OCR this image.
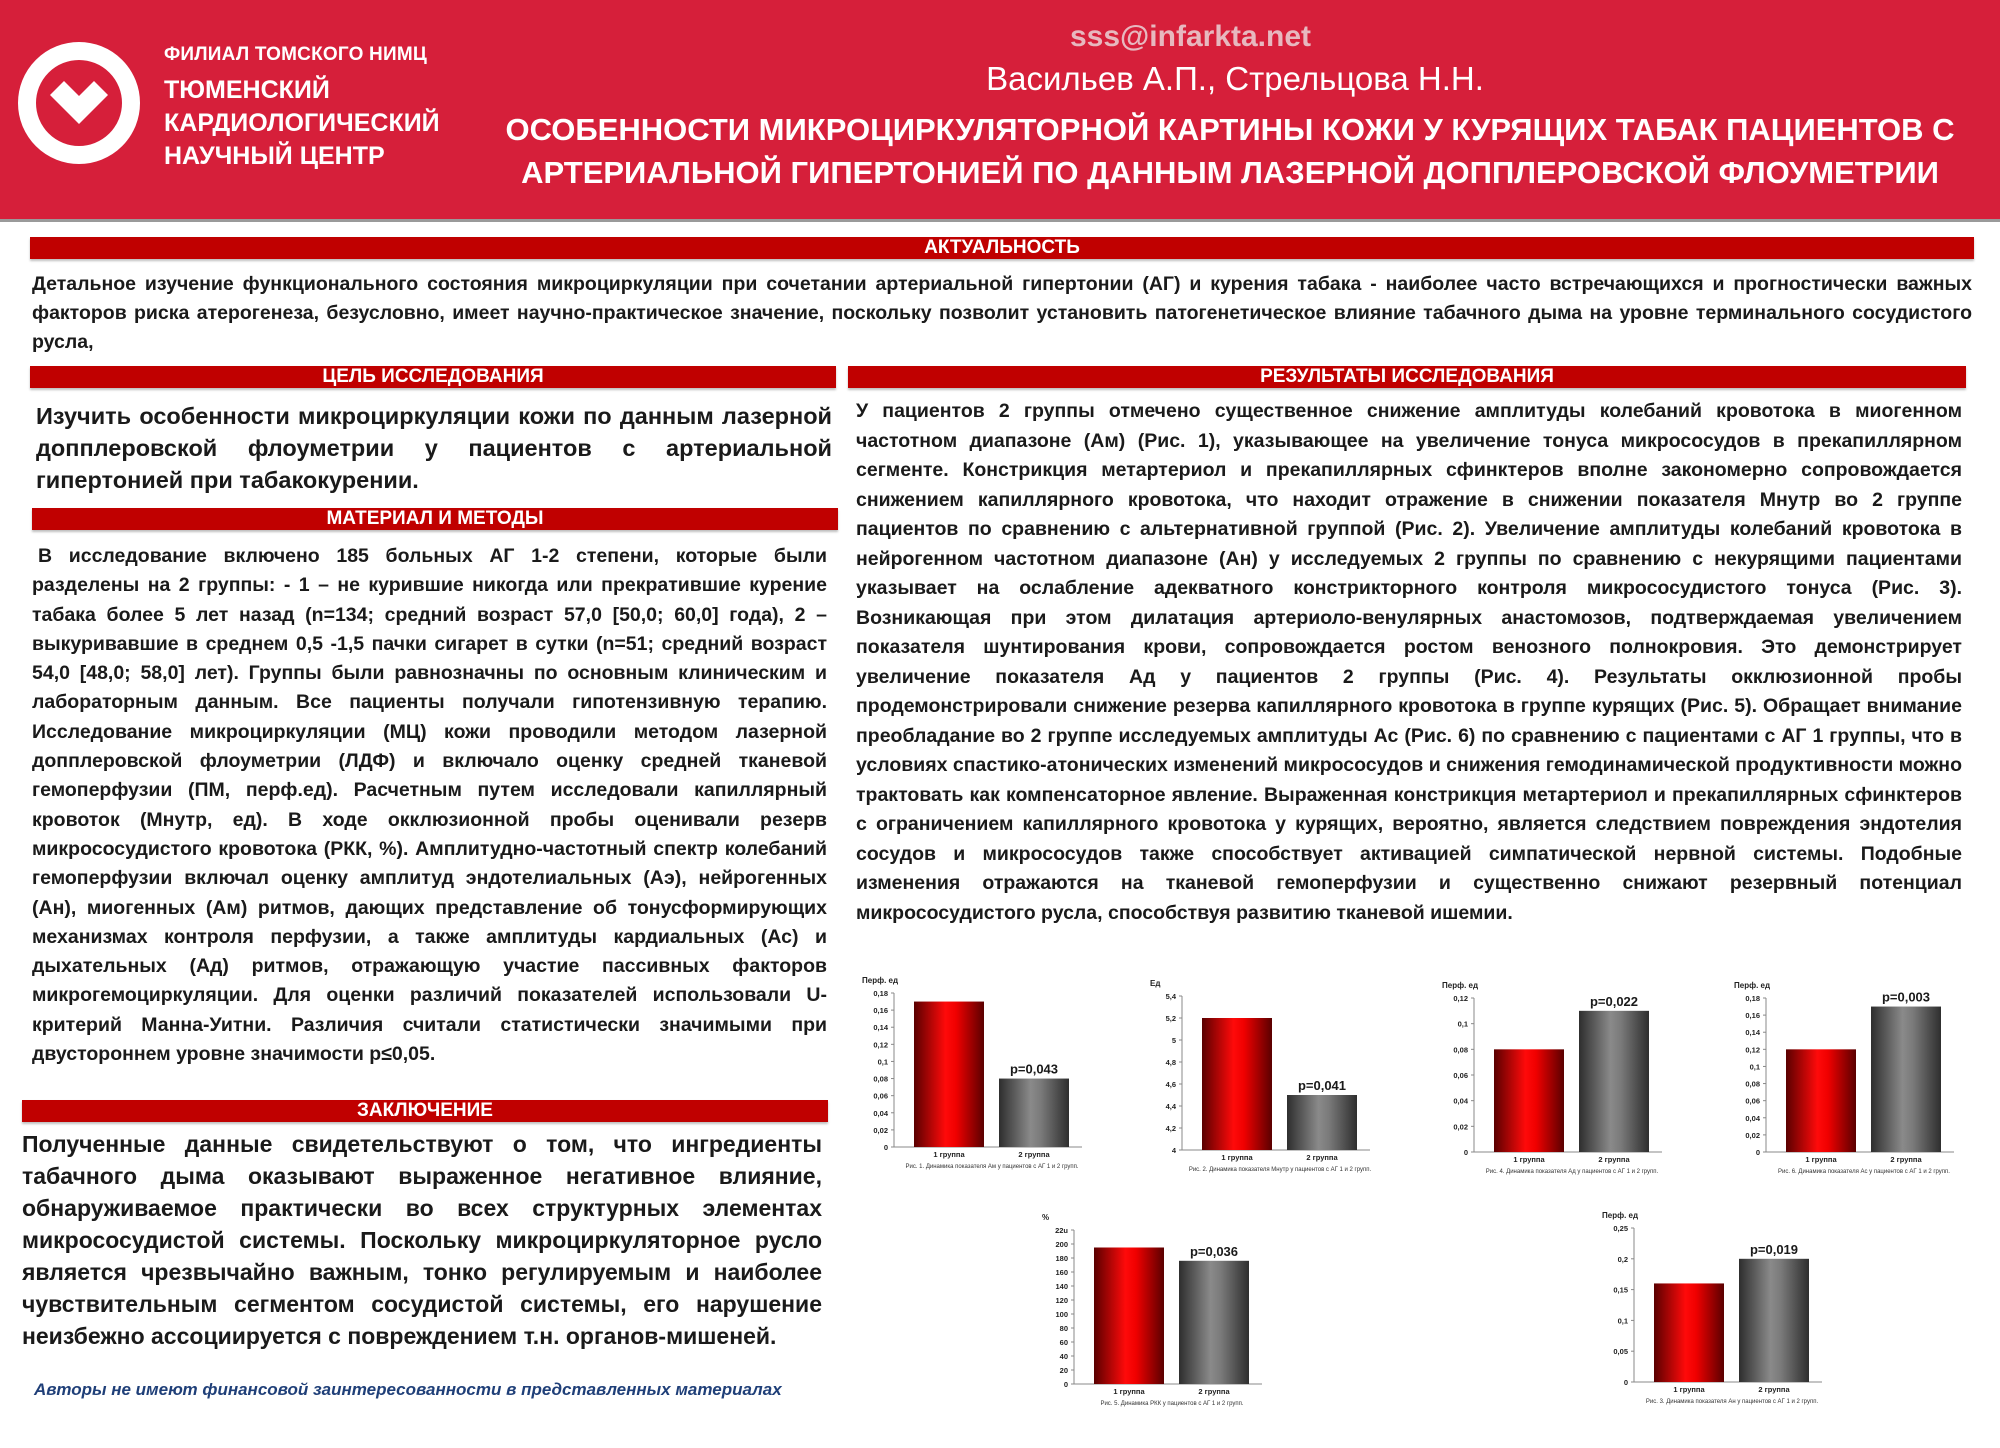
ФИЛИАЛ ТОМСКОГО НИМЦ
ТЮМЕНСКИЙ
КАРДИОЛОГИЧЕСКИЙ
НАУЧНЫЙ ЦЕНТР
sss@infarkta.net
Васильев А.П., Стрельцова Н.Н.
ОСОБЕННОСТИ МИКРОЦИРКУЛЯТОРНОЙ КАРТИНЫ КОЖИ У КУРЯЩИХ ТАБАК ПАЦИЕНТОВ С
АРТЕРИАЛЬНОЙ ГИПЕРТОНИЕЙ ПО ДАННЫМ ЛАЗЕРНОЙ ДОППЛЕРОВСКОЙ ФЛОУМЕТРИИ
АКТУАЛЬНОСТЬ
Детальное изучение функционального состояния микроциркуляции при сочетании артериальной гипертонии (АГ) и курения табака - наиболее часто встречающихся и прогностически важных факторов риска атерогенеза, безусловно, имеет научно-практическое значение, поскольку позволит установить патогенетическое влияние табачного дыма на уровне терминального сосудистого русла,
ЦЕЛЬ ИССЛЕДОВАНИЯ
Изучить особенности микроциркуляции кожи по данным лазерной допплеровской флоуметрии у пациентов с артериальной гипертонией при табакокурении.
МАТЕРИАЛ И МЕТОДЫ
В исследование включено 185 больных АГ 1-2 степени, которые были разделены на 2 группы: - 1 – не курившие никогда или прекратившие курение табака более 5 лет назад (n=134; средний возраст 57,0 [50,0; 60,0] года), 2 – выкуривавшие в среднем 0,5 -1,5 пачки сигарет в сутки (n=51; средний возраст 54,0 [48,0; 58,0] лет). Группы были равнозначны по основным клиническим и лабораторным данным. Все пациенты получали гипотензивную терапию. Исследование микроциркуляции (МЦ) кожи проводили методом лазерной допплеровской флоуметрии (ЛДФ) и включало оценку средней тканевой гемоперфузии (ПМ, перф.ед). Расчетным путем исследовали капиллярный кровоток (Мнутр, ед). В ходе окклюзионной пробы оценивали резерв микрососудистого кровотока (РКК, %). Амплитудно-частотный спектр колебаний гемоперфузии включал оценку амплитуд эндотелиальных (Аэ), нейрогенных (Ан), миогенных (Ам) ритмов, дающих представление об тонусформирующих механизмах контроля перфузии, а также амплитуды кардиальных (Ас) и дыхательных (Ад) ритмов, отражающую участие пассивных факторов микрогемоциркуляции. Для оценки различий показателей использовали U-критерий Манна-Уитни. Различия считали статистически значимыми при двустороннем уровне значимости p≤0,05.
ЗАКЛЮЧЕНИЕ
Полученные данные свидетельствуют о том, что ингредиенты табачного дыма оказывают выраженное негативное влияние, обнаруживаемое практически во всех структурных элементах микрососудистой системы. Поскольку микроциркуляторное русло является чрезвычайно важным, тонко регулируемым и наиболее чувствительным сегментом сосудистой системы, его нарушение неизбежно ассоциируется с повреждением т.н. органов-мишеней.
Авторы не имеют финансовой заинтересованности в представленных материалах
РЕЗУЛЬТАТЫ ИССЛЕДОВАНИЯ
У пациентов 2 группы отмечено существенное снижение амплитуды колебаний кровотока в миогенном частотном диапазоне (Ам) (Рис. 1), указывающее на увеличение тонуса микрососудов в прекапиллярном сегменте. Констрикция метартериол и прекапиллярных сфинктеров вполне закономерно сопровождается снижением капиллярного кровотока, что находит отражение в снижении показателя Мнутр во 2 группе пациентов по сравнению с альтернативной группой (Рис. 2). Увеличение амплитуды колебаний кровотока в нейрогенном частотном диапазоне (Ан) у исследуемых 2 группы по сравнению с некурящими пациентами указывает на ослабление адекватного констрикторного контроля микрососудистого тонуса (Рис. 3). Возникающая при этом дилатация артериоло-венулярных анастомозов, подтверждаемая увеличением показателя шунтирования крови, сопровождается ростом венозного полнокровия. Это демонстрирует увеличение показателя Ад у пациентов 2 группы (Рис. 4). Результаты окклюзионной пробы продемонстрировали снижение резерва капиллярного кровотока в группе курящих (Рис. 5). Обращает внимание преобладание во 2 группе исследуемых амплитуды Ас (Рис. 6) по сравнению с пациентами с АГ 1 группы, что в условиях спастико-атонических изменений микрососудов и снижения гемодинамической продуктивности можно трактовать как компенсаторное явление. Выраженная констрикция метартериол и прекапиллярных сфинктеров с ограничением капиллярного кровотока у курящих, вероятно, является следствием повреждения эндотелия сосудов и микрососудов также способствует активацией симпатической нервной системы. Подобные изменения отражаются на тканевой гемоперфузии и существенно снижают резервный потенциал микрососудистого русла, способствуя развитию тканевой ишемии.
Перф. ед
0
0,02
0,04
0,06
0,08
0,1
0,12
0,14
0,16
0,18
1 группа	2 группа
p=0,043
Рис. 1. Динамика показателя Ам у пациентов с АГ 1 и 2 групп.
Ед
4
4,2
4,4
4,6
4,8
5
5,2
5,4
1 группа	2 группа
p=0,041
Рис. 2. Динамика показателя Мнутр у пациентов с АГ 1 и 2 групп.
Перф. ед
0
0,02
0,04
0,06
0,08
0,1
0,12
1 группа	2 группа
p=0,022
Рис. 4. Динамика показателя Ад у пациентов с АГ 1 и 2 групп.
Перф. ед
0
0,02
0,04
0,06
0,08
0,1
0,12
0,14
0,16
0,18
1 группа	2 группа
p=0,003
Рис. 6. Динамика показателя Ас у пациентов с АГ 1 и 2 групп.
%
0
20
40
60
80
100
120
140
160
180
200
22u
1 группа	2 группа
p=0,036
Рис. 5. Динамика РКК у пациентов с АГ 1 и 2 групп.
Перф. ед
0
0,05
0,1
0,15
0,2
0,25
1 группа	2 группа
p=0,019
Рис. 3. Динамика показателя Ан у пациентов с АГ 1 и 2 групп.
